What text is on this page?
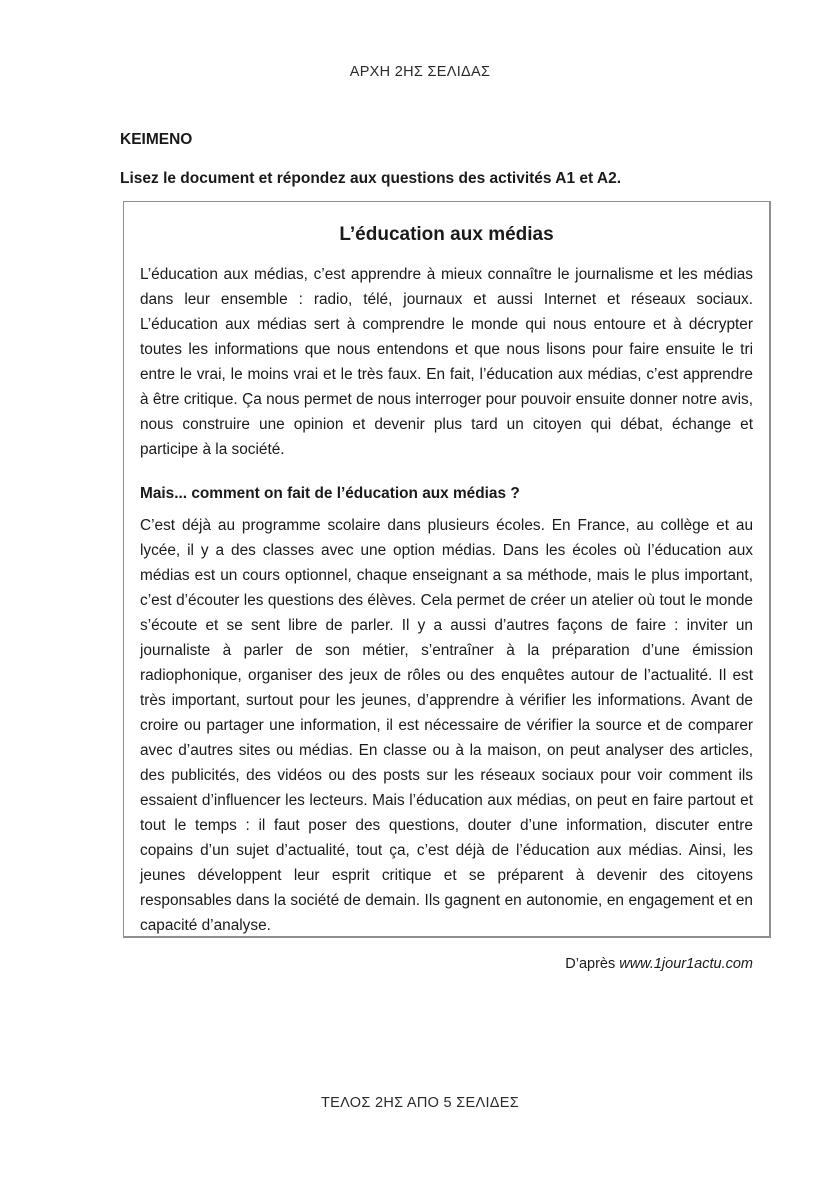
ΑΡΧΗ 2ΗΣ ΣΕΛΙΔΑΣ
KEIMENO
Lisez le document et répondez aux questions des activités A1 et A2.
L’éducation aux médias
L’éducation aux médias, c’est apprendre à mieux connaître le journalisme et les médias dans leur ensemble : radio, télé, journaux et aussi Internet et réseaux sociaux. L’éducation aux médias sert à comprendre le monde qui nous entoure et à décrypter toutes les informations que nous entendons et que nous lisons pour faire ensuite le tri entre le vrai, le moins vrai et le très faux. En fait, l’éducation aux médias, c’est apprendre à être critique. Ça nous permet de nous interroger pour pouvoir ensuite donner notre avis, nous construire une opinion et devenir plus tard un citoyen qui débat, échange et participe à la société.
Mais... comment on fait de l’éducation aux médias ?
C’est déjà au programme scolaire dans plusieurs écoles. En France, au collège et au lycée, il y a des classes avec une option médias. Dans les écoles où l’éducation aux médias est un cours optionnel, chaque enseignant a sa méthode, mais le plus important, c’est d’écouter les questions des élèves. Cela permet de créer un atelier où tout le monde s’écoute et se sent libre de parler. Il y a aussi d’autres façons de faire : inviter un journaliste à parler de son métier, s’entraîner à la préparation d’une émission radiophonique, organiser des jeux de rôles ou des enquêtes autour de l’actualité. Il est très important, surtout pour les jeunes, d’apprendre à vérifier les informations. Avant de croire ou partager une information, il est nécessaire de vérifier la source et de comparer avec d’autres sites ou médias. En classe ou à la maison, on peut analyser des articles, des publicités, des vidéos ou des posts sur les réseaux sociaux pour voir comment ils essaient d’influencer les lecteurs. Mais l’éducation aux médias, on peut en faire partout et tout le temps : il faut poser des questions, douter d’une information, discuter entre copains d’un sujet d’actualité, tout ça, c’est déjà de l’éducation aux médias. Ainsi, les jeunes développent leur esprit critique et se préparent à devenir des citoyens responsables dans la société de demain. Ils gagnent en autonomie, en engagement et en capacité d’analyse.
D’après www.1jour1actu.com
ΤΕΛΟΣ 2ΗΣ ΑΠΟ 5 ΣΕΛΙΔΕΣ
